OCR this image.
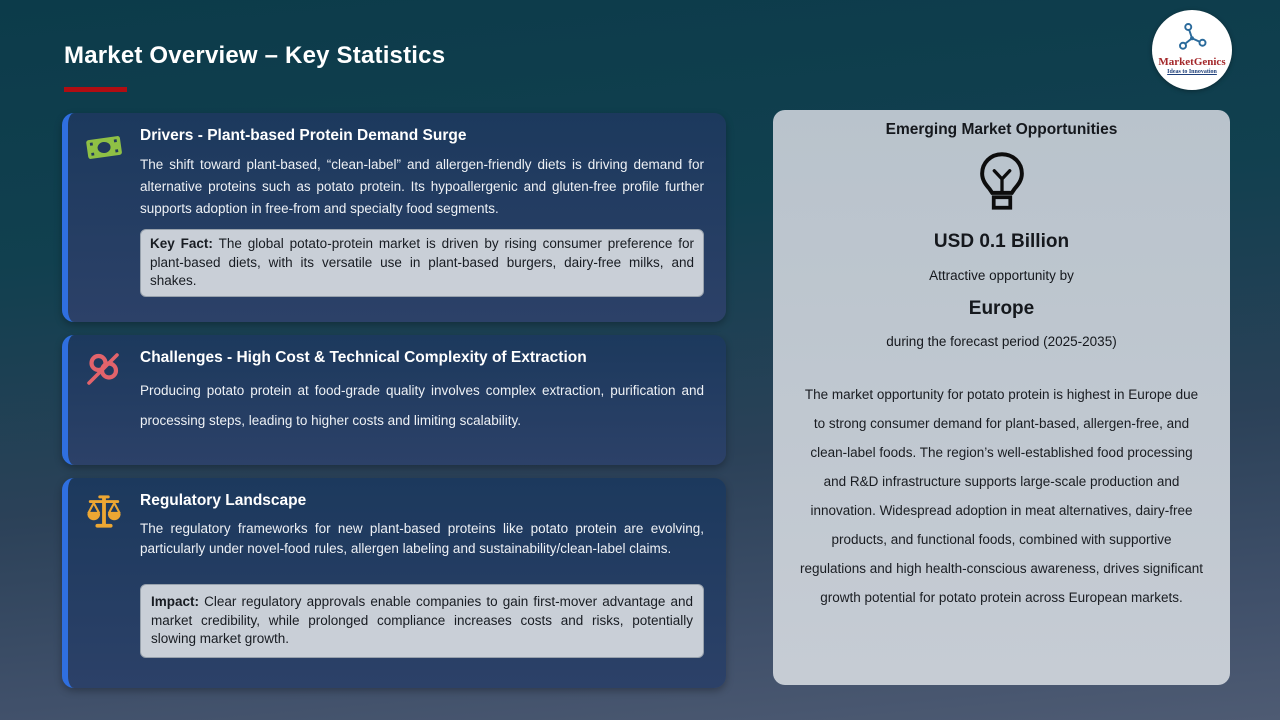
Market Overview – Key Statistics	MarketGenics
Ideas to Innovation
Drivers - Plant-based Protein Demand Surge
The shift toward plant-based, “clean-label” and allergen-friendly diets is driving demand for alternative proteins such as potato protein. Its hypoallergenic and gluten-free profile further supports adoption in free-from and specialty food segments.
Key Fact: The global potato-protein market is driven by rising consumer preference for plant-based diets, with its versatile use in plant-based burgers, dairy-free milks, and shakes.
Challenges - High Cost & Technical Complexity of Extraction
Producing potato protein at food-grade quality involves complex extraction, purification and processing steps, leading to higher costs and limiting scalability.
Regulatory Landscape
The regulatory frameworks for new plant-based proteins like potato protein are evolving, particularly under novel-food rules, allergen labeling and sustainability/clean-label claims.
Impact: Clear regulatory approvals enable companies to gain first-mover advantage and market credibility, while prolonged compliance increases costs and risks, potentially slowing market growth.
Emerging Market Opportunities
USD 0.1 Billion
Attractive opportunity by
Europe
during the forecast period (2025-2035)
The market opportunity for potato protein is highest in Europe due to strong consumer demand for plant-based, allergen-free, and clean-label foods. The region’s well-established food processing and R&D infrastructure supports large-scale production and innovation. Widespread adoption in meat alternatives, dairy-free products, and functional foods, combined with supportive regulations and high health-conscious awareness, drives significant growth potential for potato protein across European markets.
